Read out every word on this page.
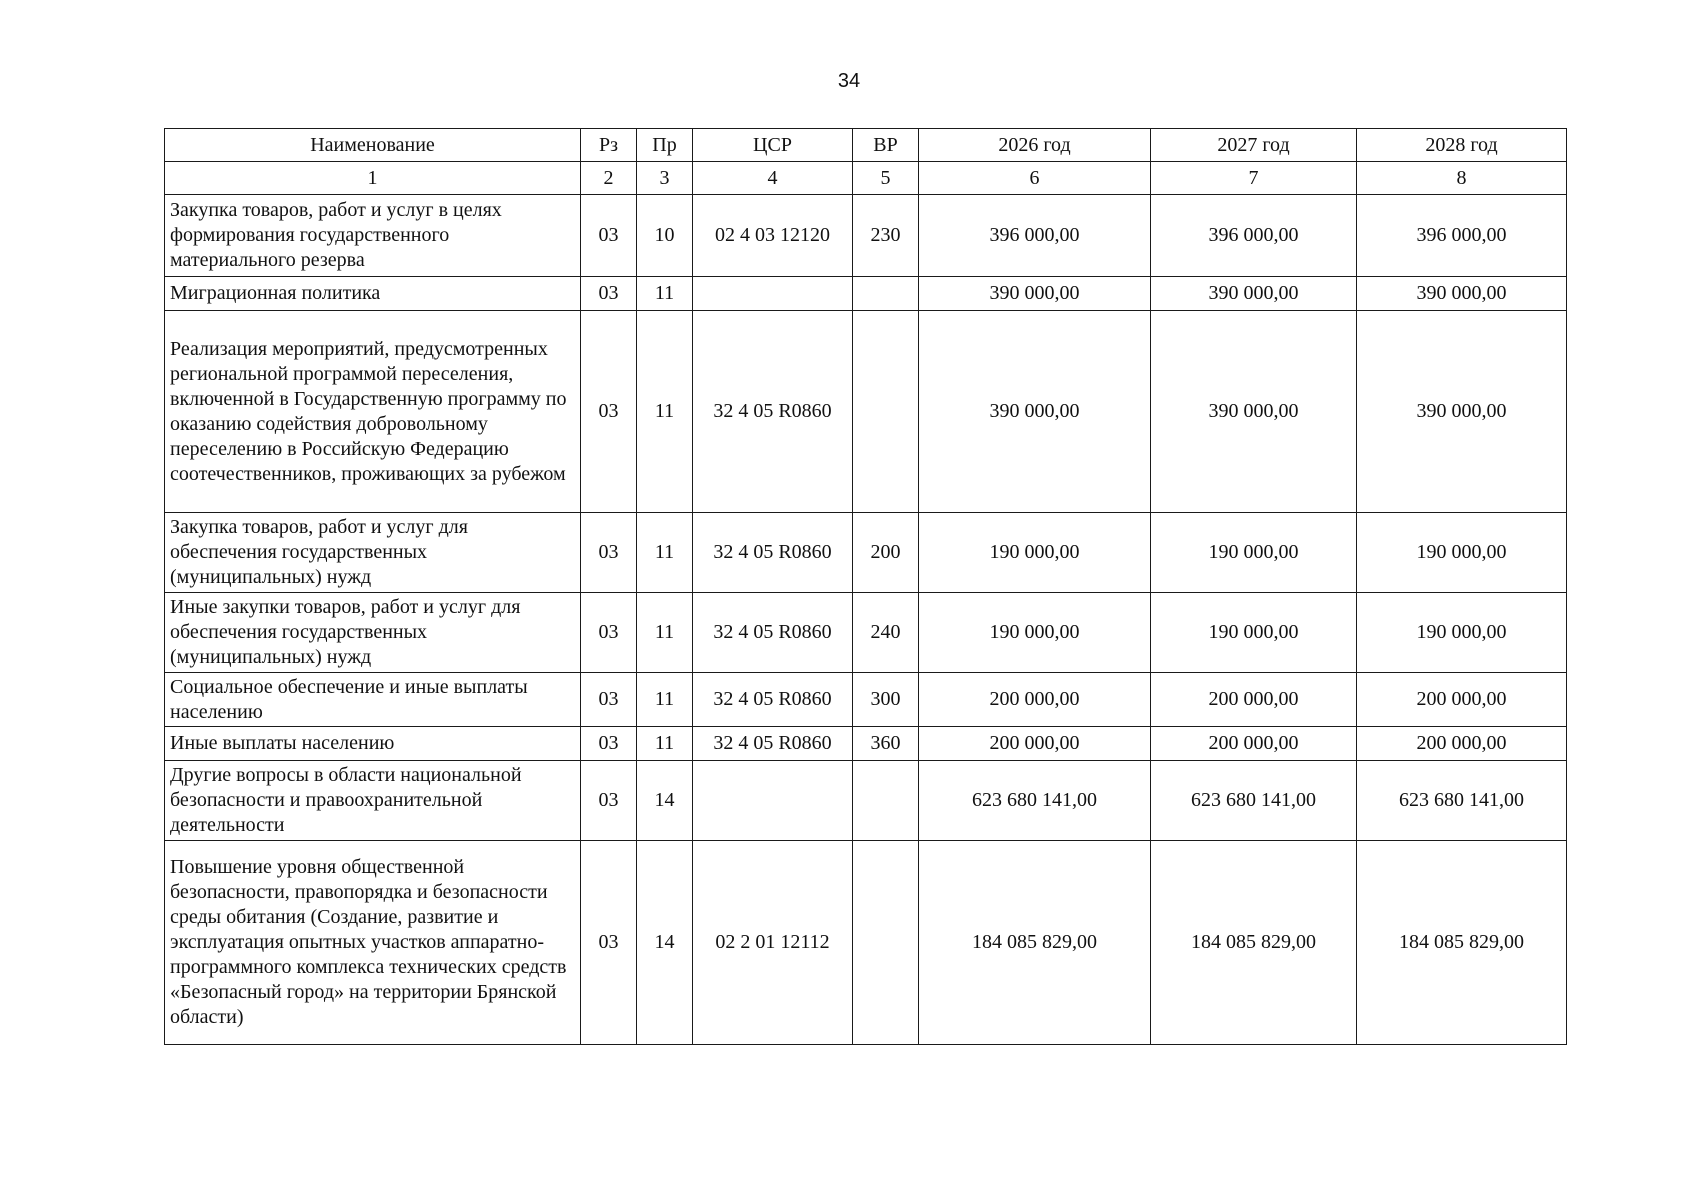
34
Наименование	Рз	Пр	ЦСР	ВР	2026 год	2027 год	2028 год
1	2	3	4	5	6	7	8
Закупка товаров, работ и услуг в целях формирования государственного материального резерва	03	10	02 4 03 12120	230	396 000,00	396 000,00	396 000,00
Миграционная политика	03	11			390 000,00	390 000,00	390 000,00
Реализация мероприятий, предусмотренных региональной программой переселения, включенной в Государственную программу по оказанию содействия добровольному переселению в Российскую Федерацию соотечественников, проживающих за рубежом	03	11	32 4 05 R0860		390 000,00	390 000,00	390 000,00
Закупка товаров, работ и услуг для обеспечения государственных (муниципальных) нужд	03	11	32 4 05 R0860	200	190 000,00	190 000,00	190 000,00
Иные закупки товаров, работ и услуг для обеспечения государственных (муниципальных) нужд	03	11	32 4 05 R0860	240	190 000,00	190 000,00	190 000,00
Социальное обеспечение и иные выплаты населению	03	11	32 4 05 R0860	300	200 000,00	200 000,00	200 000,00
Иные выплаты населению	03	11	32 4 05 R0860	360	200 000,00	200 000,00	200 000,00
Другие вопросы в области национальной безопасности и правоохранительной деятельности	03	14			623 680 141,00	623 680 141,00	623 680 141,00
Повышение уровня общественной безопасности, правопорядка и безопасности среды обитания (Создание, развитие и эксплуатация опытных участков аппаратно-программного комплекса технических средств «Безопасный город» на территории Брянской области)	03	14	02 2 01 12112		184 085 829,00	184 085 829,00	184 085 829,00
